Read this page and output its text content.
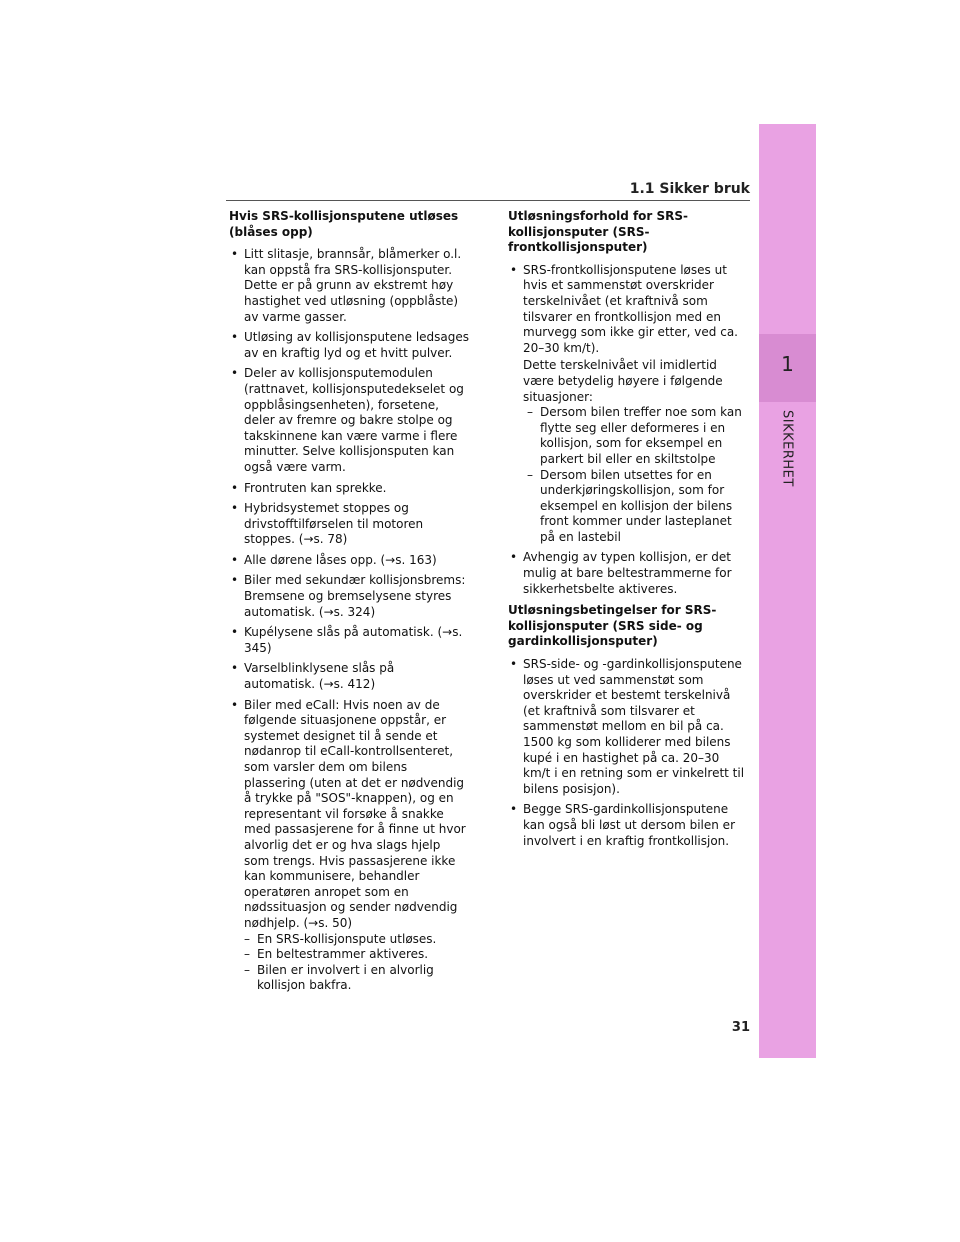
1
SIKKERHET
1.1 Sikker bruk

Hvis SRS-kollisjonsputene utløses (blåses opp)

• Litt slitasje, brannsår, blåmerker o.l. kan oppstå fra SRS-kollisjonsputer. Dette er på grunn av ekstremt høy hastighet ved utløsning (oppblåste) av varme gasser.
• Utløsing av kollisjonsputene ledsages av en kraftig lyd og et hvitt pulver.
• Deler av kollisjonsputemodulen (rattnavet, kollisjonsputedekselet og oppblåsingsenheten), forsetene, deler av fremre og bakre stolpe og takskinnene kan være varme i flere minutter. Selve kollisjonsputen kan også være varm.
• Frontruten kan sprekke.
• Hybridsystemet stoppes og drivstofftilførselen til motoren stoppes. (→s. 78)
• Alle dørene låses opp. (→s. 163)
• Biler med sekundær kollisjonsbrems: Bremsene og bremselysene styres automatisk. (→s. 324)
• Kupélysene slås på automatisk. (→s. 345)
• Varselblinklysene slås på automatisk. (→s. 412)
• Biler med eCall: Hvis noen av de følgende situasjonene oppstår, er systemet designet til å sende et nødanrop til eCall-kontrollsenteret, som varsler dem om bilens plassering (uten at det er nødvendig å trykke på "SOS"-knappen), og en representant vil forsøke å snakke med passasjerene for å finne ut hvor alvorlig det er og hva slags hjelp som trengs. Hvis passasjerene ikke kan kommunisere, behandler operatøren anropet som en nødssituasjon og sender nødvendig nødhjelp. (→s. 50)
– En SRS-kollisjonspute utløses.
– En beltestrammer aktiveres.
– Bilen er involvert i en alvorlig kollisjon bakfra.

Utløsningsforhold for SRS-kollisjonsputer (SRS-frontkollisjonsputer)

• SRS-frontkollisjonsputene løses ut hvis et sammenstøt overskrider terskelnivået (et kraftnivå som tilsvarer en frontkollisjon med en murvegg som ikke gir etter, ved ca. 20–30 km/t).

Dette terskelnivået vil imidlertid være betydelig høyere i følgende situasjoner:

– Dersom bilen treffer noe som kan flytte seg eller deformeres i en kollisjon, som for eksempel en parkert bil eller en skiltstolpe
– Dersom bilen utsettes for en underkjøringskollisjon, som for eksempel en kollisjon der bilens front kommer under lasteplanet på en lastebil
• Avhengig av typen kollisjon, er det mulig at bare beltestrammerne for sikkerhetsbelte aktiveres.

Utløsningsbetingelser for SRS-kollisjonsputer (SRS side- og gardinkollisjonsputer)

• SRS-side- og -gardinkollisjonsputene løses ut ved sammenstøt som overskrider et bestemt terskelnivå (et kraftnivå som tilsvarer et sammenstøt mellom en bil på ca. 1500 kg som kolliderer med bilens kupé i en hastighet på ca. 20–30 km/t i en retning som er vinkelrett til bilens posisjon).
• Begge SRS-gardinkollisjonsputene kan også bli løst ut dersom bilen er involvert i en kraftig frontkollisjon.
31
